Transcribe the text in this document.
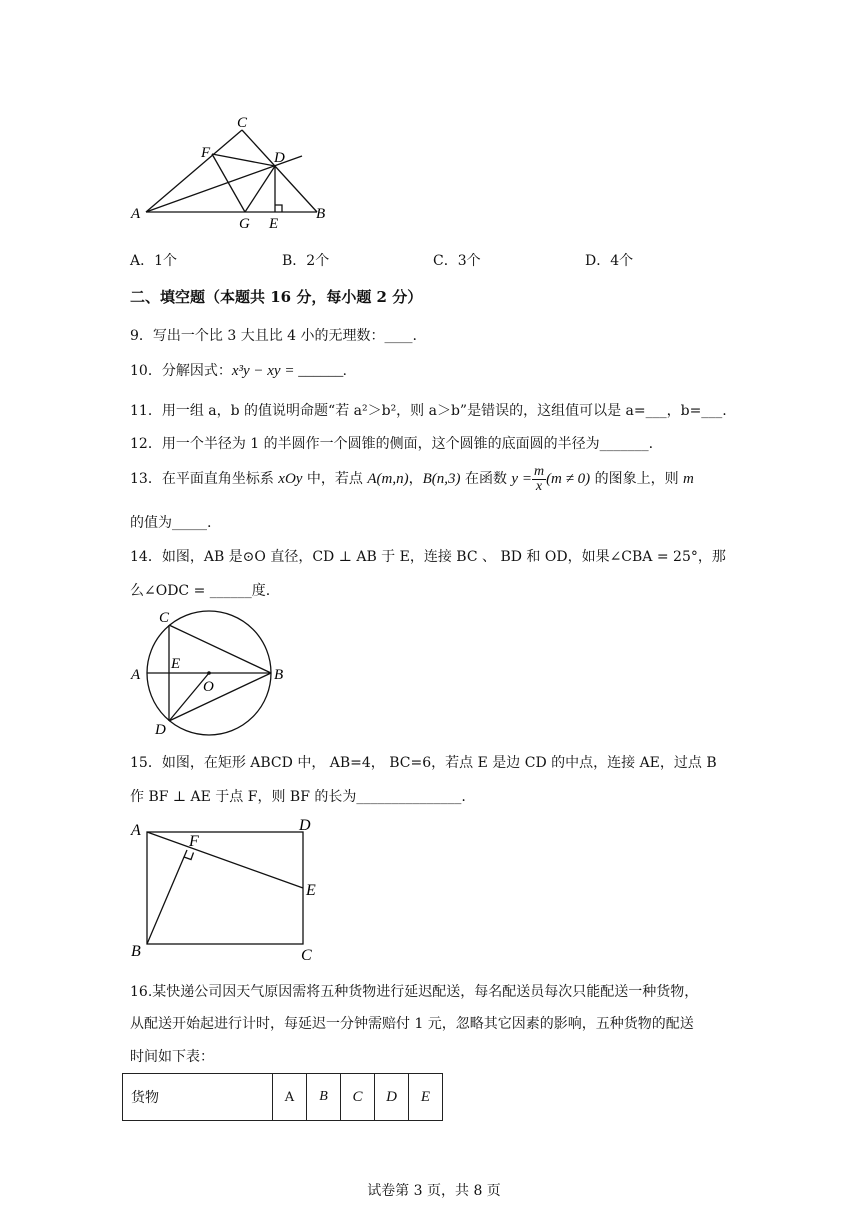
C
F	D
A
G E
B
A．1个	B．2个	C．3个	D．4个
二、填空题（本题共 16 分，每小题 2 分）
9．写出一个比 3 大且比 4 小的无理数：____.
10．分解因式：x³y − xy = ______.
11．用一组 a，b 的值说明命题“若 a²＞b²，则 a＞b”是错误的，这组值可以是 a=___，b=___.
12．用一个半径为 1 的半圆作一个圆锥的侧面，这个圆锥的底面圆的半径为_______.
13．在平面直角坐标系 xOy 中，若点 A(m,n)，B(n,3) 在函数 $y = \frac{m}{x} (m \ne 0)$ 的图象上，则 m
的值为_____.
14．如图，AB 是⊙O 直径，CD ⊥ AB 于 E，连接 BC 、 BD 和 OD，如果∠CBA = 25°，那
么∠ODC = ______度.
C
E
A
O
B
D
15．如图，在矩形 ABCD 中， AB=4， BC=6，若点 E 是边 CD 的中点，连接 AE，过点 B
作 BF ⊥ AE 于点 F，则 BF 的长为_______________.
A
F
D
E
B	C
16.某快递公司因天气原因需将五种货物进行延迟配送，每名配送员每次只能配送一种货物，
从配送开始起进行计时，每延迟一分钟需赔付 1 元，忽略其它因素的影响，五种货物的配送
时间如下表：
货物	A	B	C	D	E
试卷第 3 页，共 8 页
